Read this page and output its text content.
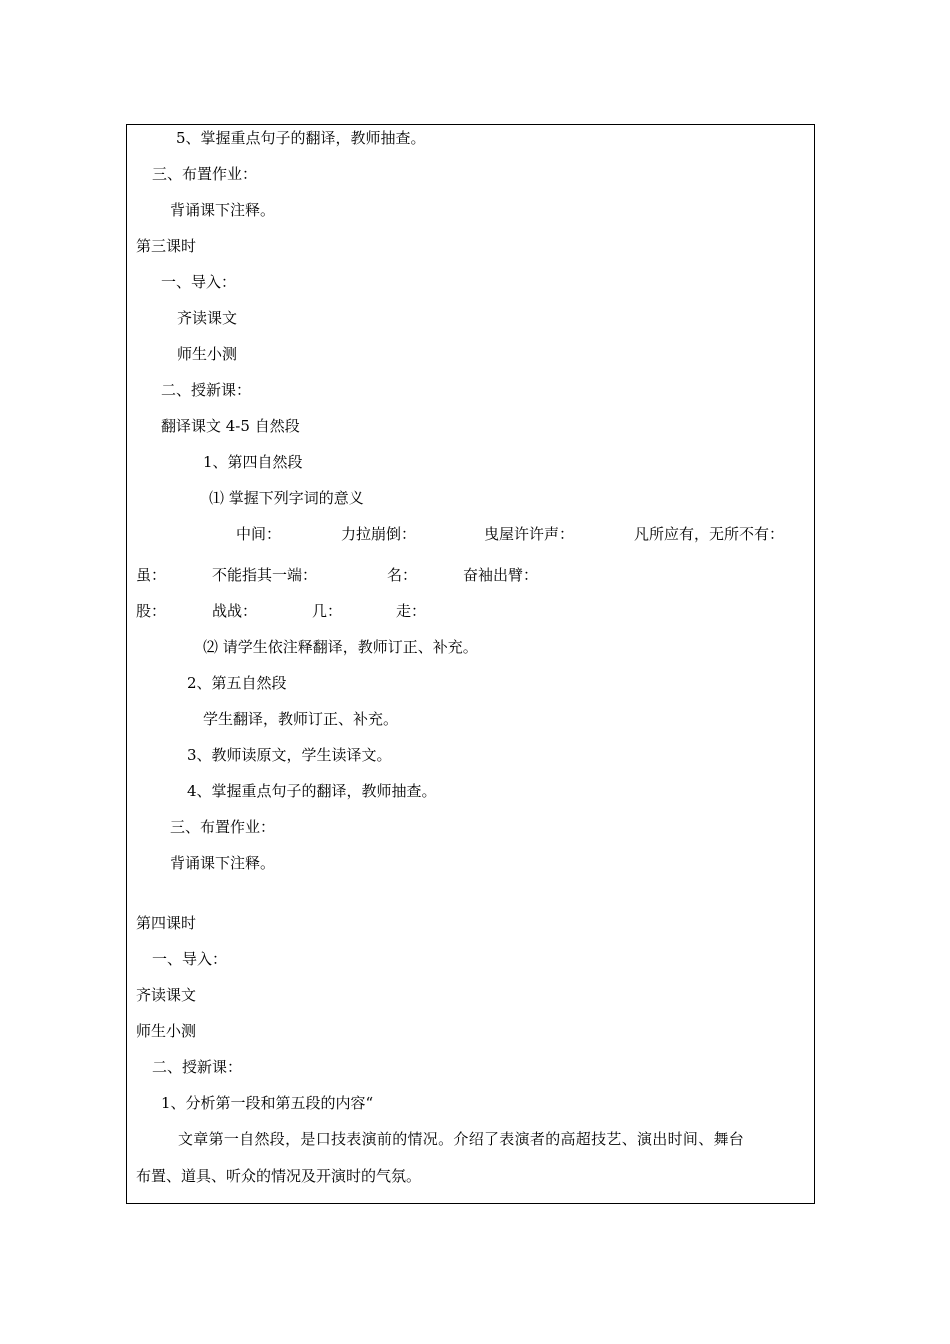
5、掌握重点句子的翻译，教师抽查。
三、布置作业：
背诵课下注释。
第三课时
一、导入：
齐读课文
师生小测
二、授新课：
翻译课文 4-5 自然段
1、第四自然段
⑴ 掌握下列字词的意义
中间：	力拉崩倒：	曳屋许许声：	凡所应有，无所不有：
虽：	不能指其一端：	名：	奋袖出臂：
股：	战战：	几：	走：
⑵ 请学生依注释翻译，教师订正、补充。
2、第五自然段
学生翻译，教师订正、补充。
3、教师读原文，学生读译文。
4、掌握重点句子的翻译，教师抽查。
三、布置作业：
背诵课下注释。
第四课时
一、导入：
齐读课文
师生小测
二、授新课：
1、分析第一段和第五段的内容“
文章第一自然段，是口技表演前的情况。介绍了表演者的高超技艺、演出时间、舞台
布置、道具、听众的情况及开演时的气氛。
